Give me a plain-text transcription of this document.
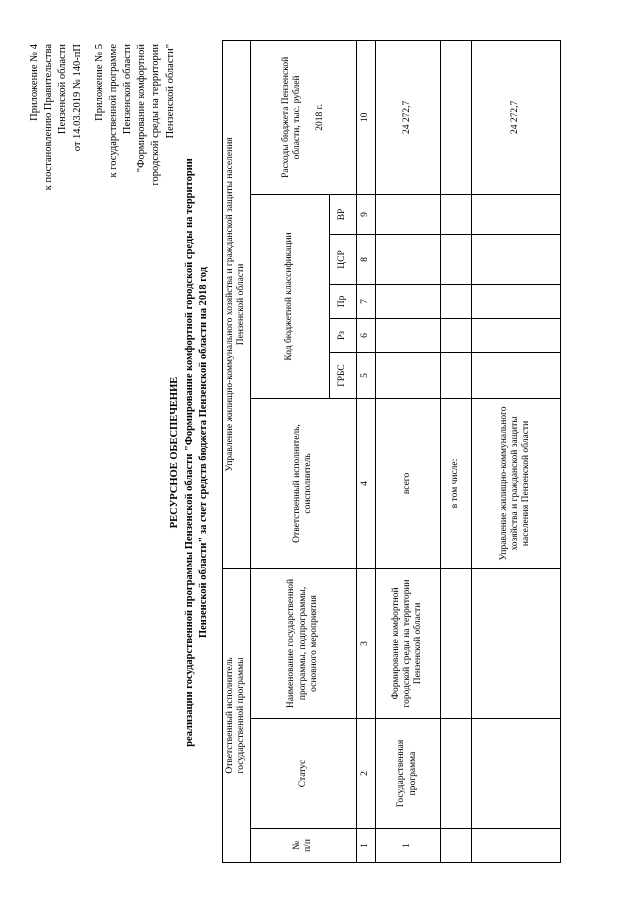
Приложение № 4 к постановлению Правительства Пензенской области от 14.03.2019 № 140-пП Приложение № 5 к государственной программе Пензенской области "Формирование комфортной городской среды на территории Пензенской области"
РЕСУРСНОЕ ОБЕСПЕЧЕНИЕ реализации государственной программы Пензенской области "Формирование комфортной городской среды на территории Пензенской области" за счет средств бюджета Пензенской области на 2018 год
Ответственный исполнитель
государственной программы			Управление жилищно-коммунального хозяйства и гражданской защиты населения
Пензенской области						
№
п/п	Статус	Наименование государственной программы, подпрограммы, основного мероприятия	Ответственный исполнитель, соисполнитель	Код бюджетной классификации					Расходы бюджета Пензенской области, тыс. рублей 2018 г.
				ГРБС	Рз	Пр	ЦСР	ВР	
1	2	3	4	5	6	7	8	9	10
1	Государственная программа	Формирование комфортной городской среды на территории Пензенской области	всего						24 272,7
			в том числе:						
			Управление жилищно-коммунального хозяйства и гражданской защиты населения Пензенской области						24 272,7
